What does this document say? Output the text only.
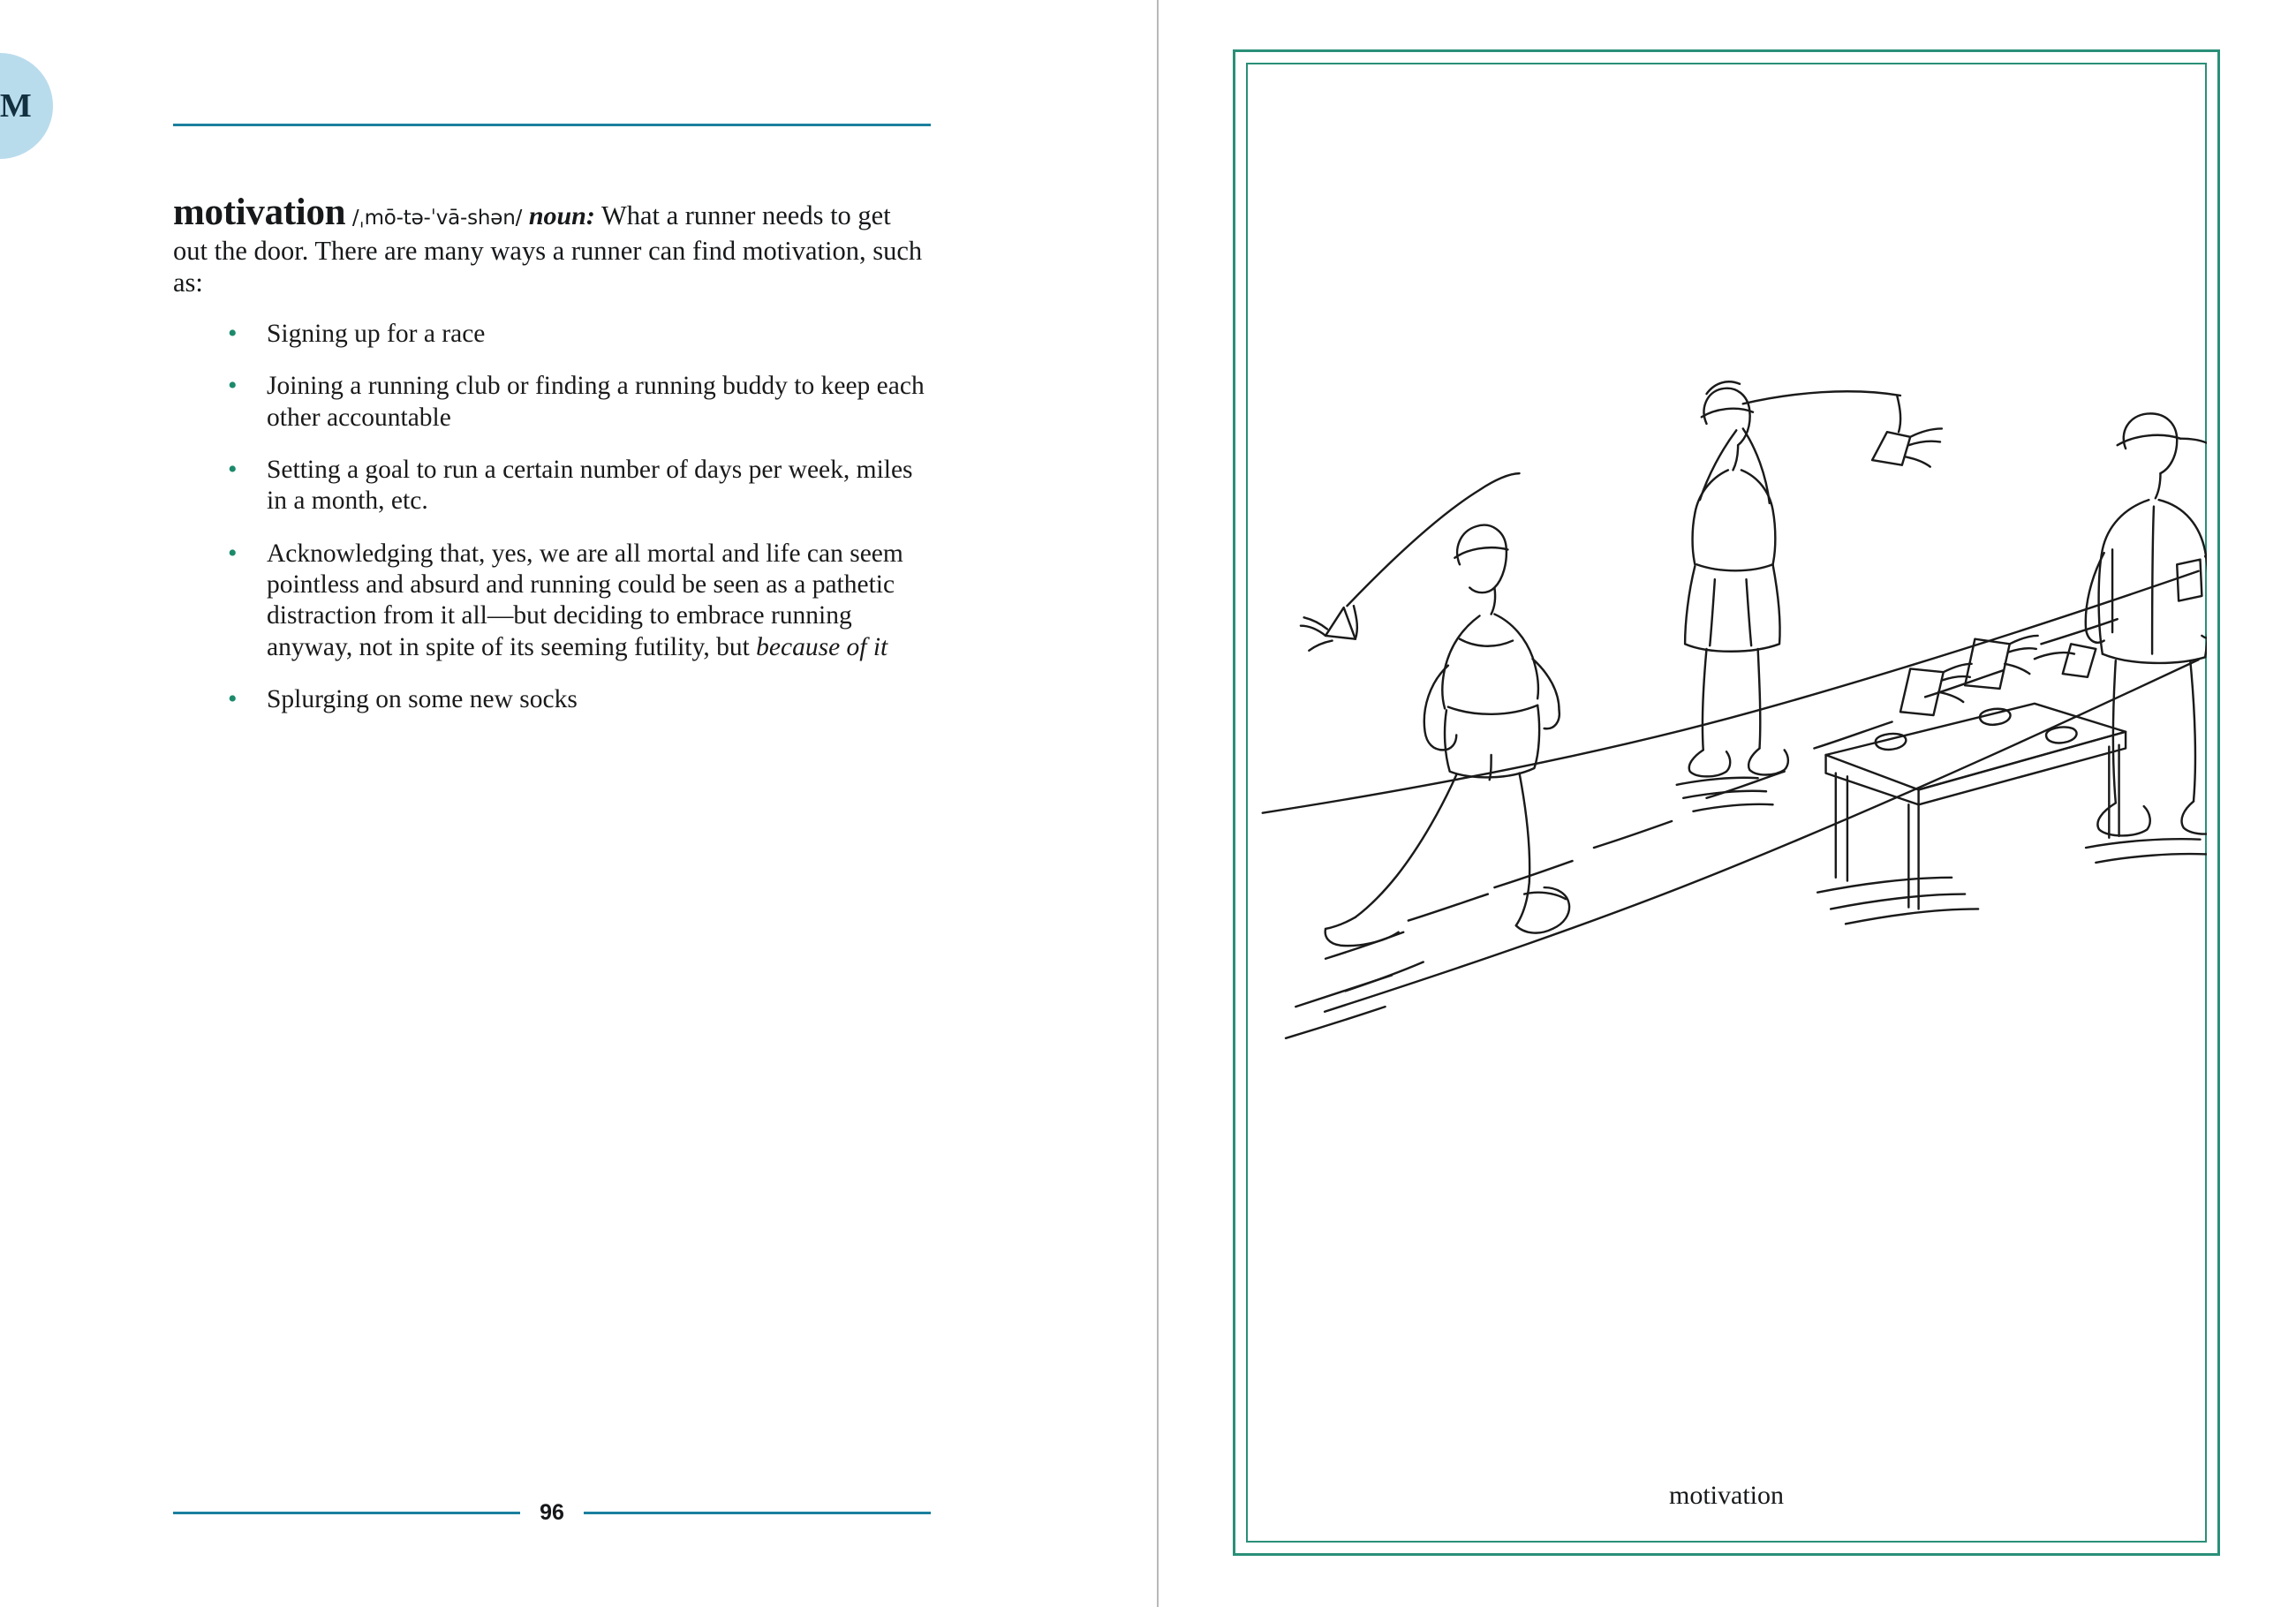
M
motivation /ˌmō-tə-ˈvā-shən/ noun: What a runner needs to get out the door. There are many ways a runner can find motivation, such as:
• Signing up for a race
• Joining a running club or finding a running buddy to keep each other accountable
• Setting a goal to run a certain number of days per week, miles in a month, etc.
• Acknowledging that, yes, we are all mortal and life can seem pointless and absurd and running could be seen as a pathetic distraction from it all—but deciding to embrace running anyway, not in spite of its seeming futility, but because of it
• Splurging on some new socks
96
motivation
